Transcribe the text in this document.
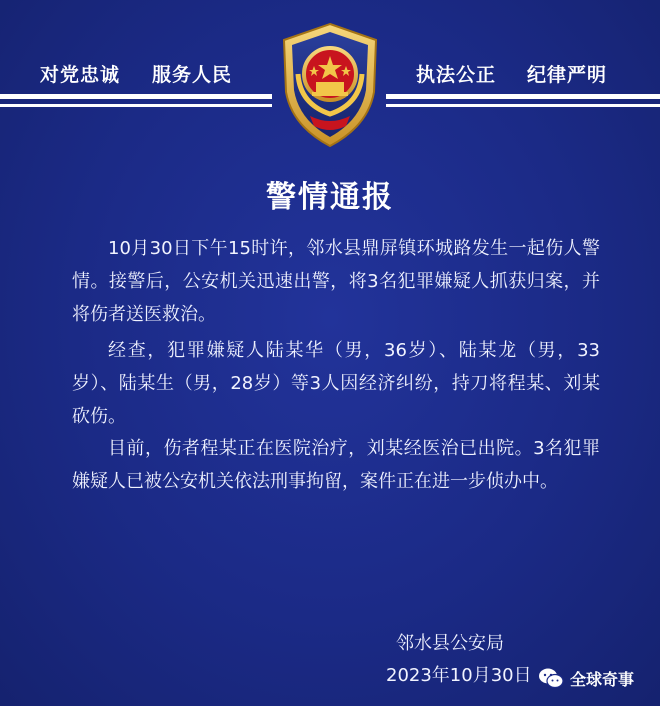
对党忠诚 服务人民	执法公正 纪律严明
警情通报
10月30日下午15时许，邻水县鼎屏镇环城路发生一起伤人警情。接警后，公安机关迅速出警，将3名犯罪嫌疑人抓获归案，并将伤者送医救治。
经查，犯罪嫌疑人陆某华（男，36岁）、陆某龙（男，33岁）、陆某生（男，28岁）等3人因经济纠纷，持刀将程某、刘某砍伤。
目前，伤者程某正在医院治疗，刘某经医治已出院。3名犯罪嫌疑人已被公安机关依法刑事拘留，案件正在进一步侦办中。
邻水县公安局
2023年10月30日 全球奇事
